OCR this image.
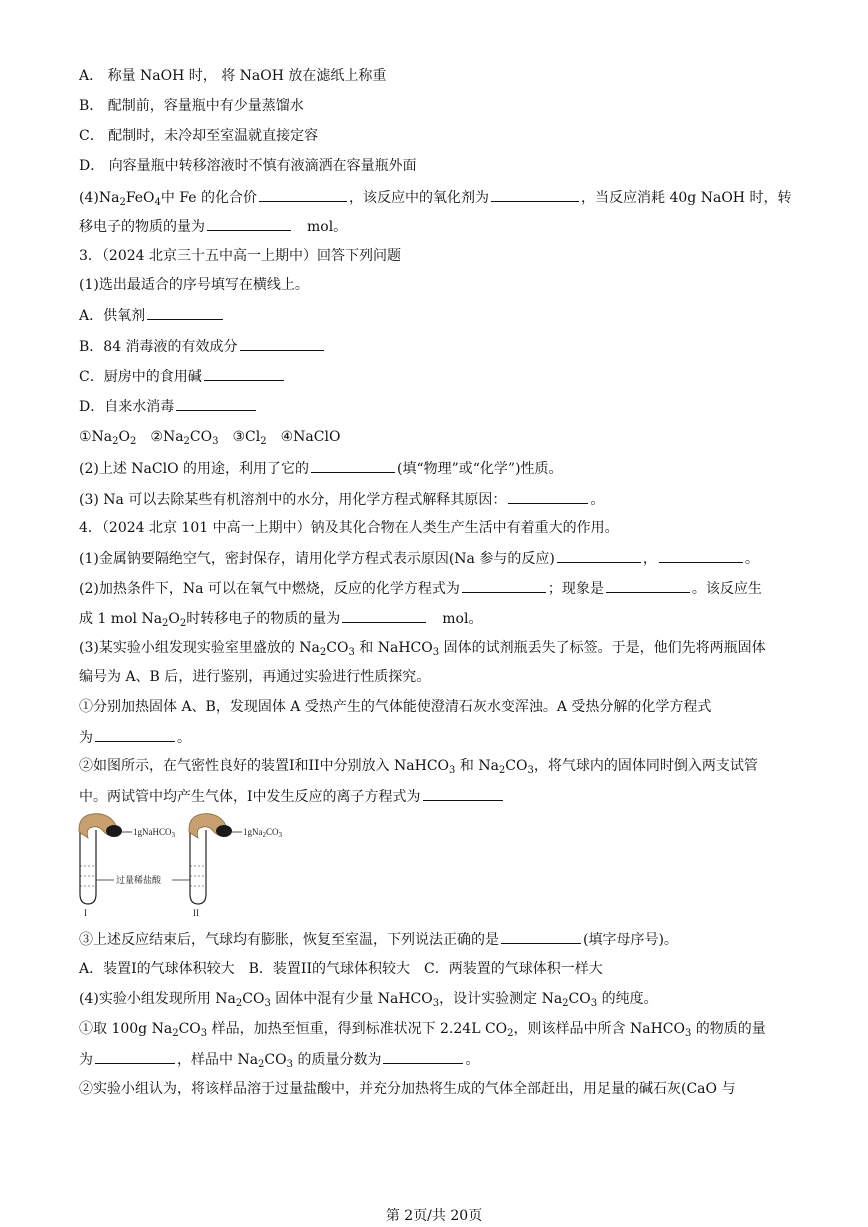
A． 称量 NaOH 时， 将 NaOH 放在滤纸上称重
B． 配制前，容量瓶中有少量蒸馏水
C． 配制时，未冷却至室温就直接定容
D． 向容量瓶中转移溶液时不慎有液滴洒在容量瓶外面
$(4)Na_2FeO_4$中 Fe 的化合价	，该反应中的氧化剂为	，当反应消耗 40g NaOH 时，转
移电子的物质的量为	mol。
3．（2024 北京三十五中高一上期中）回答下列问题
(1)选出最适合的序号填写在横线上。
A．供氧剂
B．84 消毒液的有效成分
C．厨房中的食用碱
D．自来水消毒
$①Na_2O_2$ $②Na_2CO_3$ $③Cl_2$ ④NaClO
(2)上述 NaClO 的用途，利用了它的	(填“物理”或“化学”)性质。
(3) Na 可以去除某些有机溶剂中的水分，用化学方程式解释其原因：	。
4．（2024 北京 101 中高一上期中）钠及其化合物在人类生产生活中有着重大的作用。
(1)金属钠要隔绝空气，密封保存，请用化学方程式表示原因(Na 参与的反应)	，	。
(2)加热条件下，Na 可以在氧气中燃烧，反应的化学方程式为	；现象是	。该反应生
成 1 mol $Na_2O_2$时转移电子的物质的量为	mol。
(3)某实验小组发现实验室里盛放的 $Na_2CO_3$ 和 NaHCO$_3$ 固体的试剂瓶丢失了标签。于是，他们先将两瓶固体
编号为 A、B 后，进行鉴别，再通过实验进行性质探究。
①分别加热固体 A、B，发现固体 A 受热产生的气体能使澄清石灰水变浑浊。A 受热分解的化学方程式
为	。
②如图所示，在气密性良好的装置I和II中分别放入 NaHCO$_3$ 和 $Na_2CO_3$，将气球内的固体同时倒入两支试管
中。两试管中均产生气体，I中发生反应的离子方程式为
1gNaHCO$_3$	$1gNa_2CO_3$
过量稀盐酸
I	II
③上述反应结束后，气球均有膨胀，恢复至室温，下列说法正确的是	(填字母序号)。
A．装置I的气球体积较大 B．装置II的气球体积较大 C．两装置的气球体积一样大
(4)实验小组发现所用 $Na_2CO_3$ 固体中混有少量 NaHCO$_3$，设计实验测定 $Na_2CO_3$ 的纯度。
①取 100g $Na_2CO_3$ 样品，加热至恒重，得到标准状况下 2.24L $CO_2$，则该样品中所含 NaHCO$_3$ 的物质的量
为	，样品中 $Na_2CO_3$ 的质量分数为	。
②实验小组认为，将该样品溶于过量盐酸中，并充分加热将生成的气体全部赶出，用足量的碱石灰(CaO 与
第 2页/共 20页
